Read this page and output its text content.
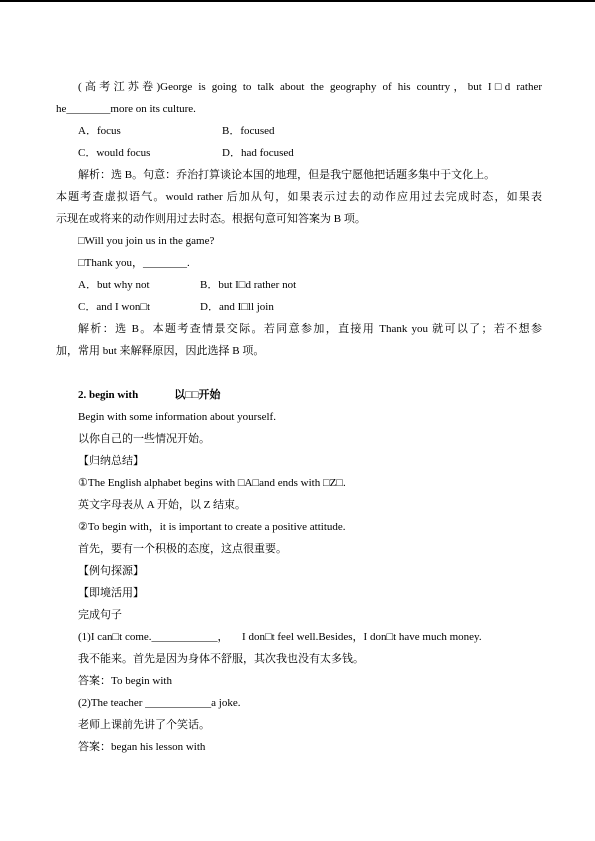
(高考江苏卷)George is going to talk about the geography of his country，but I□d rather
he________more on its culture.
A．focus	B．focused
C．would focus	D．had focused
解析：选 B。句意：乔治打算谈论本国的地理，但是我宁愿他把话题多集中于文化上。
本题考查虚拟语气。would rather 后加从句，如果表示过去的动作应用过去完成时态，如果表
示现在或将来的动作则用过去时态。根据句意可知答案为 B 项。
□Will you join us in the game?
□Thank you，________.
A．but why not	B．but I□d rather not
C．and I won□t	D．and I□ll join
解析：选 B。本题考查情景交际。若同意参加，直接用 Thank you 就可以了；若不想参
加，常用 but 来解释原因，因此选择 B 项。
2. begin with	以□□开始
Begin with some information about yourself.
以你自己的一些情况开始。
【归纳总结】
①The English alphabet begins with □A□and ends with □Z□.
英文字母表从 A 开始，以 Z 结束。
②To begin with，it is important to create a positive attitude.
首先，要有一个积极的态度，这点很重要。
【例句探源】
【即境活用】
完成句子
(1)I can□t come.____________， I don□t feel well.Besides，I don□t have much money.
我不能来。首先是因为身体不舒服，其次我也没有太多钱。
答案：To begin with
(2)The teacher ____________a joke.
老师上课前先讲了个笑话。
答案：began his lesson with
